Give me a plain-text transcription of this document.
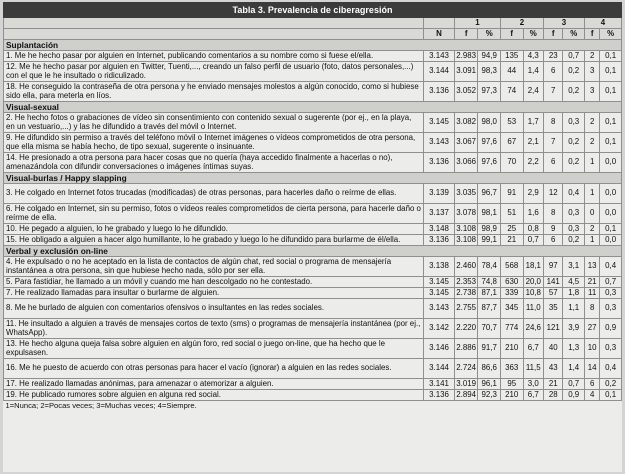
Tabla 3. Prevalencia de ciberagresión									
		1		2		3		4	
	N	f	%	f	%	f	%	f	%
Suplantación									
1. Me he hecho pasar por alguien en Internet, publicando comentarios a su nombre como si fuese el/ella.	3.143	2.983	94,9	135	4,3	23	0,7	2	0,1
12. Me he hecho pasar por alguien en Twitter, Tuenti,..., creando un falso perfil de usuario (foto, datos personales,...) con el que le he insultado o ridiculizado.	3.144	3.091	98,3	44	1,4	6	0,2	3	0,1
18. He conseguido la contraseña de otra persona y he enviado mensajes molestos a algún conocido, como si hubiese sido ella, para meterla en líos.	3.136	3.052	97,3	74	2,4	7	0,2	3	0,1
Visual-sexual									
2. He hecho fotos o grabaciones de vídeo sin consentimiento con contenido sexual o sugerente (por ej., en la playa, en un vestuario,...) y las he difundido a través del móvil o Internet.	3.145	3.082	98,0	53	1,7	8	0,3	2	0,1
9. He difundido sin permiso a través del teléfono móvil o Internet imágenes o vídeos comprometidos de otra persona, que ella misma se había hecho, de tipo sexual, sugerente o insinuante.	3.143	3.067	97,6	67	2,1	7	0,2	2	0,1
14. He presionado a otra persona para hacer cosas que no quería (haya accedido finalmente a hacerlas o no), amenazándola con difundir conversaciones o imágenes íntimas suyas.	3.136	3.066	97,6	70	2,2	6	0,2	1	0,0
Visual-burlas / Happy slapping									
3. He colgado en Internet fotos trucadas (modificadas) de otras personas, para hacerles daño o reírme de ellas.	3.139	3.035	96,7	91	2,9	12	0,4	1	0,0
6. He colgado en Internet, sin su permiso, fotos o vídeos reales comprometidos de cierta persona, para hacerle daño o reírme de ella.	3.137	3.078	98,1	51	1,6	8	0,3	0	0,0
10. He pegado a alguien, lo he grabado y luego lo he difundido.	3.148	3.108	98,9	25	0,8	9	0,3	2	0,1
15. He obligado a alguien a hacer algo humillante, lo he grabado y luego lo he difundido para burlarme de él/ella.	3.136	3.108	99,1	21	0,7	6	0,2	1	0,0
Verbal y exclusión on-line									
4. He expulsado o no he aceptado en la lista de contactos de algún chat, red social o programa de mensajería instantánea a otra persona, sin que hubiese hecho nada, sólo por ser ella.	3.138	2.460	78,4	568	18,1	97	3,1	13	0,4
5. Para fastidiar, he llamado a un móvil y cuando me han descolgado no he contestado.	3.145	2.353	74,8	630	20,0	141	4,5	21	0,7
7. He realizado llamadas para insultar o burlarme de alguien.	3.145	2.738	87,1	339	10,8	57	1,8	11	0,3
8. Me he burlado de alguien con comentarios ofensivos o insultantes en las redes sociales.	3.143	2.755	87,7	345	11,0	35	1,1	8	0,3
11. He insultado a alguien a través de mensajes cortos de texto (sms) o programas de mensajería instantánea (por ej., WhatsApp).	3.142	2.220	70,7	774	24,6	121	3,9	27	0,9
13. He hecho alguna queja falsa sobre alguien en algún foro, red social o juego on-line, que ha hecho que le expulsasen.	3.146	2.886	91,7	210	6,7	40	1,3	10	0,3
16. Me he puesto de acuerdo con otras personas para hacer el vacío (ignorar) a alguien en las redes sociales.	3.144	2.724	86,6	363	11,5	43	1,4	14	0,4
17. He realizado llamadas anónimas, para amenazar o atemorizar a alguien.	3.141	3.019	96,1	95	3,0	21	0,7	6	0,2
19. He publicado rumores sobre alguien en alguna red social.	3.136	2.894	92,3	210	6,7	28	0,9	4	0,1
1=Nunca; 2=Pocas veces; 3=Muchas veces; 4=Siempre.									
